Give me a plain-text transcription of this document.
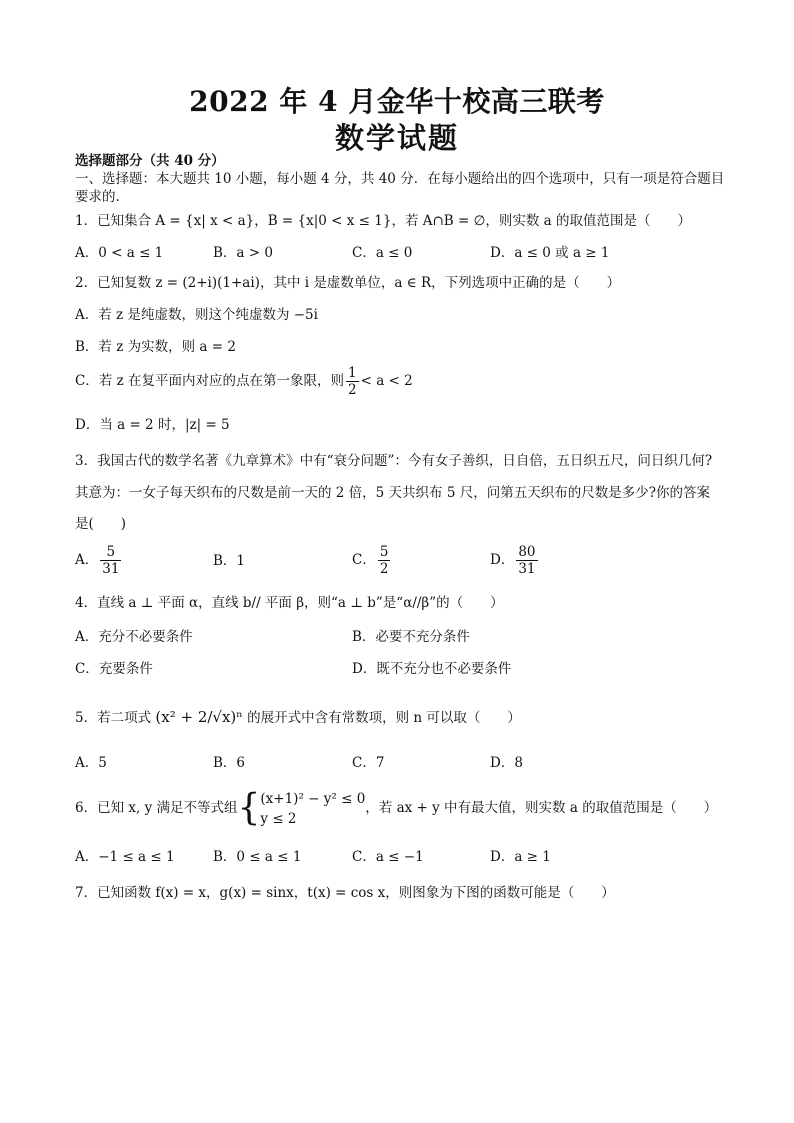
2022 年 4 月金华十校高三联考
数学试题
选择题部分（共 40 分）
一、选择题：本大题共 10 小题，每小题 4 分，共 40 分．在每小题给出的四个选项中，只有一项是符合题目
要求的.
1．已知集合 A = {x| x < a}，B = {x|0 < x ≤ 1}，若 A∩B = ∅，则实数 a 的取值范围是（　　）
A．0 < a ≤ 1	B．a > 0	C．a ≤ 0	D．a ≤ 0 或 a ≥ 1
2．已知复数 z = (2+i)(1+ai)，其中 i 是虚数单位，a ∈ R，下列选项中正确的是（　　）
A．若 z 是纯虚数，则这个纯虚数为 −5i
B．若 z 为实数，则 a = 2
C．若 z 在复平面内对应的点在第一象限，则 $\frac{1}{2} < a < 2$
D．当 a = 2 时，|z| = 5
3．我国古代的数学名著《九章算术》中有“衰分问题”：今有女子善织，日自倍，五日织五尺，问日织几何?
其意为：一女子每天织布的尺数是前一天的 2 倍，5 天共织布 5 尺，问第五天织布的尺数是多少?你的答案
是(　　)
A． $\frac{5}{31}$	B．1	C． $\frac{5}{2}$	D． $\frac{80}{31}$
4．直线 a ⊥ 平面 α，直线 b// 平面 β，则“a ⊥ b”是“α//β”的（　　）
A．充分不必要条件	B．必要不充分条件
C．充要条件	D．既不充分也不必要条件
5．若二项式 (x² + 2/√x)ⁿ 的展开式中含有常数项，则 n 可以取（　　）
A．5	B．6	C．7	D．8
6．已知 x, y 满足不等式组{ (x+1)² − y² ≤ 0
y ≤ 2
，若 ax + y 中有最大值，则实数 a 的取值范围是（　　）
A．−1 ≤ a ≤ 1	B．0 ≤ a ≤ 1	C．a ≤ −1	D．a ≥ 1
7．已知函数 f(x) = x，g(x) = sinx，t(x) = cos x，则图象为下图的函数可能是（　　）
